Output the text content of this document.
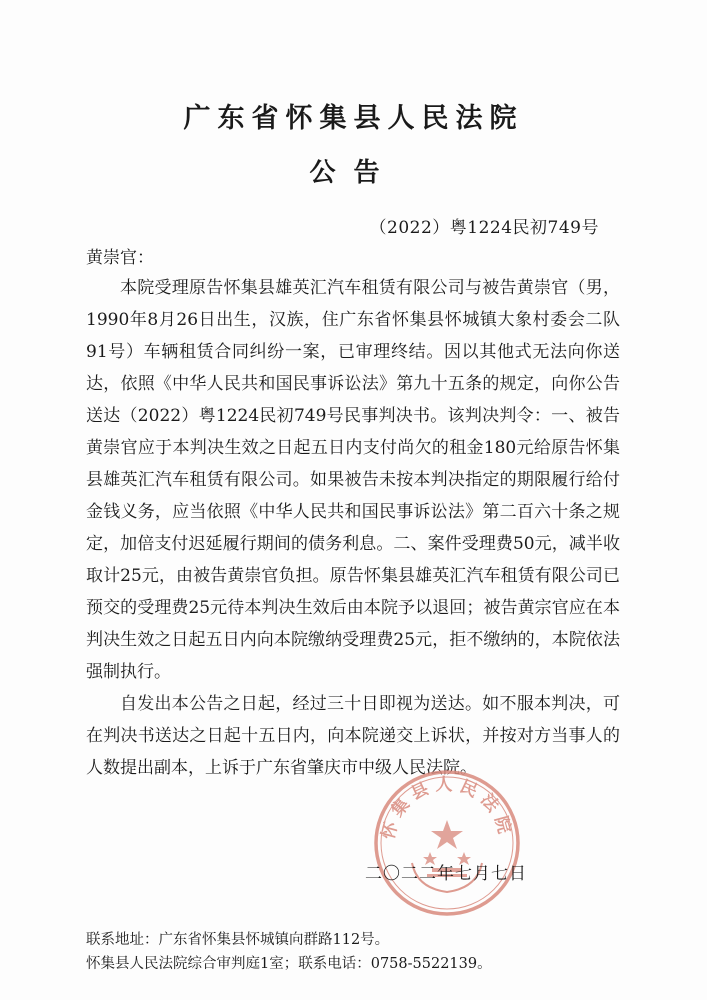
广东省怀集县人民法院
公告
（2022）粤1224民初749号
黄崇官：

本院受理原告怀集县雄英汇汽车租赁有限公司与被告黄崇官（男，1990年8月26日出生，汉族，住广东省怀集县怀城镇大象村委会二队91号）车辆租赁合同纠纷一案，已审理终结。因以其他式无法向你送达，依照《中华人民共和国民事诉讼法》第九十五条的规定，向你公告送达（2022）粤1224民初749号民事判决书。该判决判令：一、被告黄崇官应于本判决生效之日起五日内支付尚欠的租金180元给原告怀集县雄英汇汽车租赁有限公司。如果被告未按本判决指定的期限履行给付金钱义务，应当依照《中华人民共和国民事诉讼法》第二百六十条之规定，加倍支付迟延履行期间的债务利息。二、案件受理费50元，减半收取计25元，由被告黄崇官负担。原告怀集县雄英汇汽车租赁有限公司已预交的受理费25元待本判决生效后由本院予以退回；被告黄宗官应在本判决生效之日起五日内向本院缴纳受理费25元，拒不缴纳的，本院依法强制执行。

自发出本公告之日起，经过三十日即视为送达。如不服本判决，可在判决书送达之日起十五日内，向本院递交上诉状，并按对方当事人的人数提出副本，上诉于广东省肇庆市中级人民法院。

怀集县人民法院
二〇二二年七月七日
联系地址：广东省怀集县怀城镇向群路112号。
怀集县人民法院综合审判庭1室；联系电话：0758-5522139。
